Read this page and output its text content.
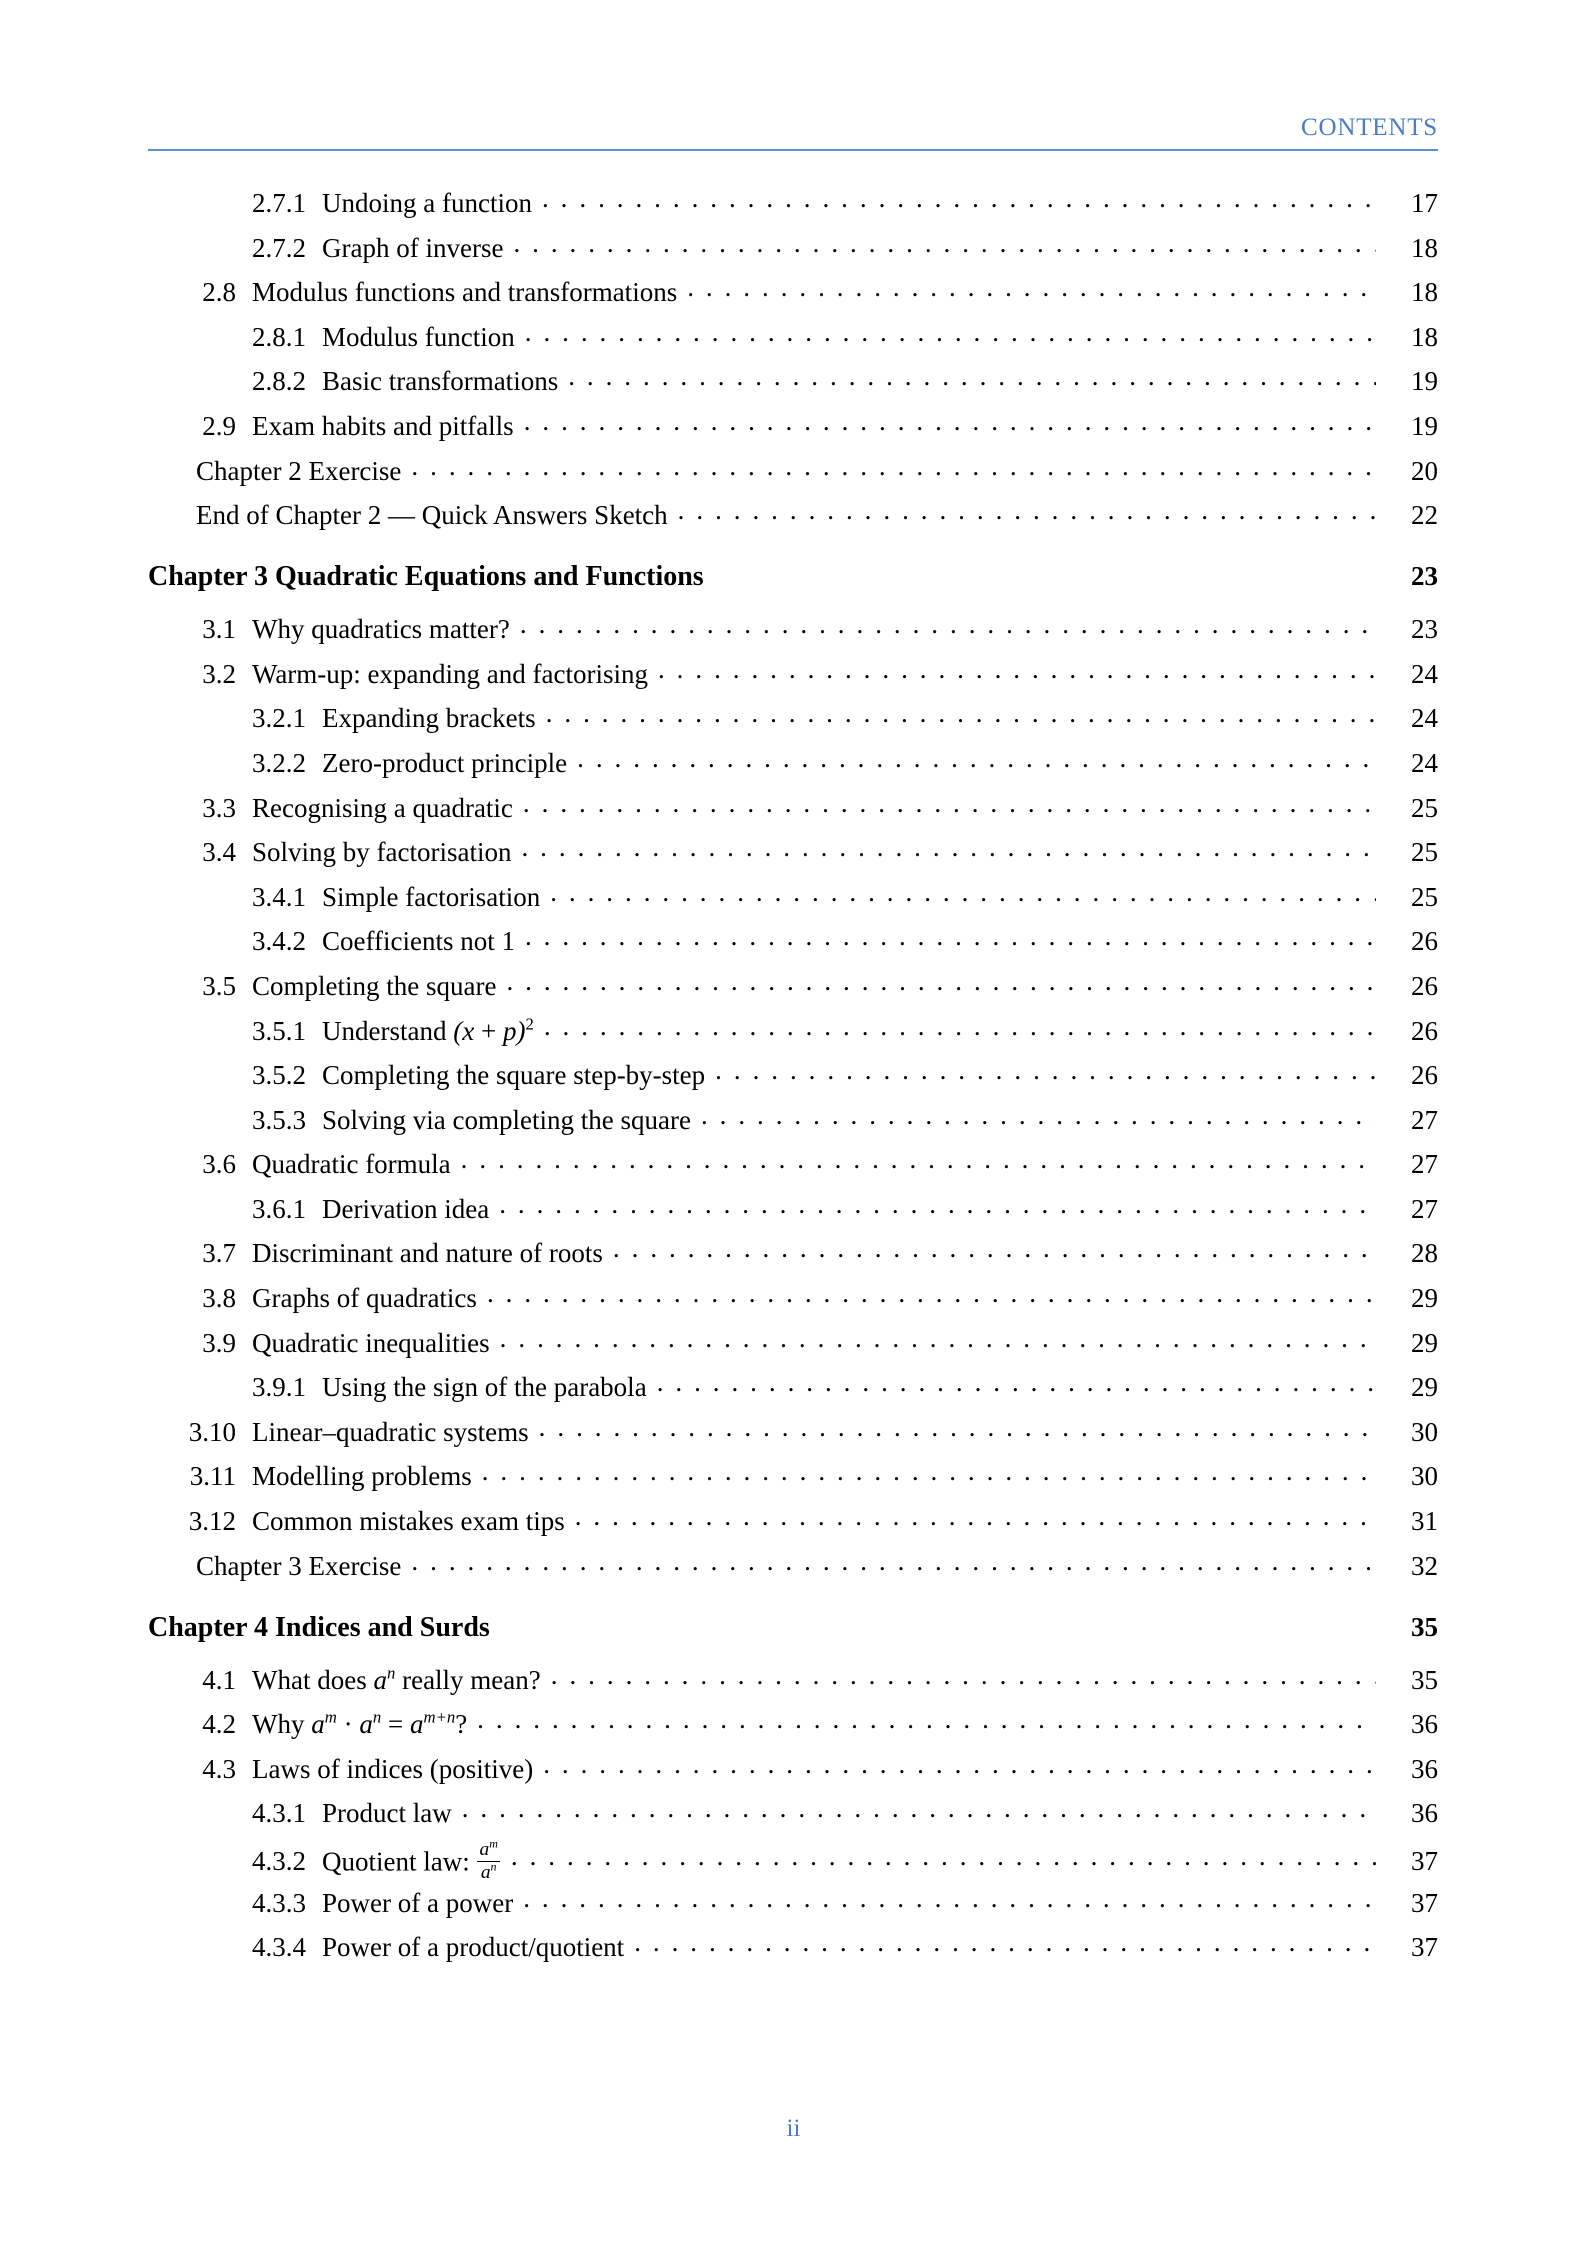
CONTENTS
2.7.1 Undoing a function . . .	17
2.7.2 Graph of inverse . . .	18
2.8 Modulus functions and transformations . . .	18
2.8.1 Modulus function . . .	18
2.8.2 Basic transformations . . .	19
2.9 Exam habits and pitfalls . . .	19
Chapter 2 Exercise . . .	20
End of Chapter 2 — Quick Answers Sketch . . .	22
Chapter 3 Quadratic Equations and Functions	23
3.1 Why quadratics matter? . . .	23
3.2 Warm-up: expanding and factorising . . .	24
3.2.1 Expanding brackets . . .	24
3.2.2 Zero-product principle . . .	24
3.3 Recognising a quadratic . . .	25
3.4 Solving by factorisation . . .	25
3.4.1 Simple factorisation . . .	25
3.4.2 Coefficients not 1 . . .	26
3.5 Completing the square . . .	26
3.5.1 Understand $(x + p)^2$ . . .	26
3.5.2 Completing the square step-by-step . . .	26
3.5.3 Solving via completing the square . . .	27
3.6 Quadratic formula . . .	27
3.6.1 Derivation idea . . .	27
3.7 Discriminant and nature of roots . . .	28
3.8 Graphs of quadratics . . .	29
3.9 Quadratic inequalities . . .	29
3.9.1 Using the sign of the parabola . . .	29
3.10 Linear–quadratic systems . . .	30
3.11 Modelling problems . . .	30
3.12 Common mistakes exam tips . . .	31
Chapter 3 Exercise . . .	32
Chapter 4 Indices and Surds	35
4.1 What does $a^n$ really mean? . . .	35
4.2 Why $a^m \cdot a^n = a^{m+n}$? . . .	36
4.3 Laws of indices (positive) . . .	36
4.3.1 Product law . . .	36
4.3.2 Quotient law: $\frac{a^m}{a^n}$ . . .	37
4.3.3 Power of a power . . .	37
4.3.4 Power of a product/quotient . . .	37
ii
